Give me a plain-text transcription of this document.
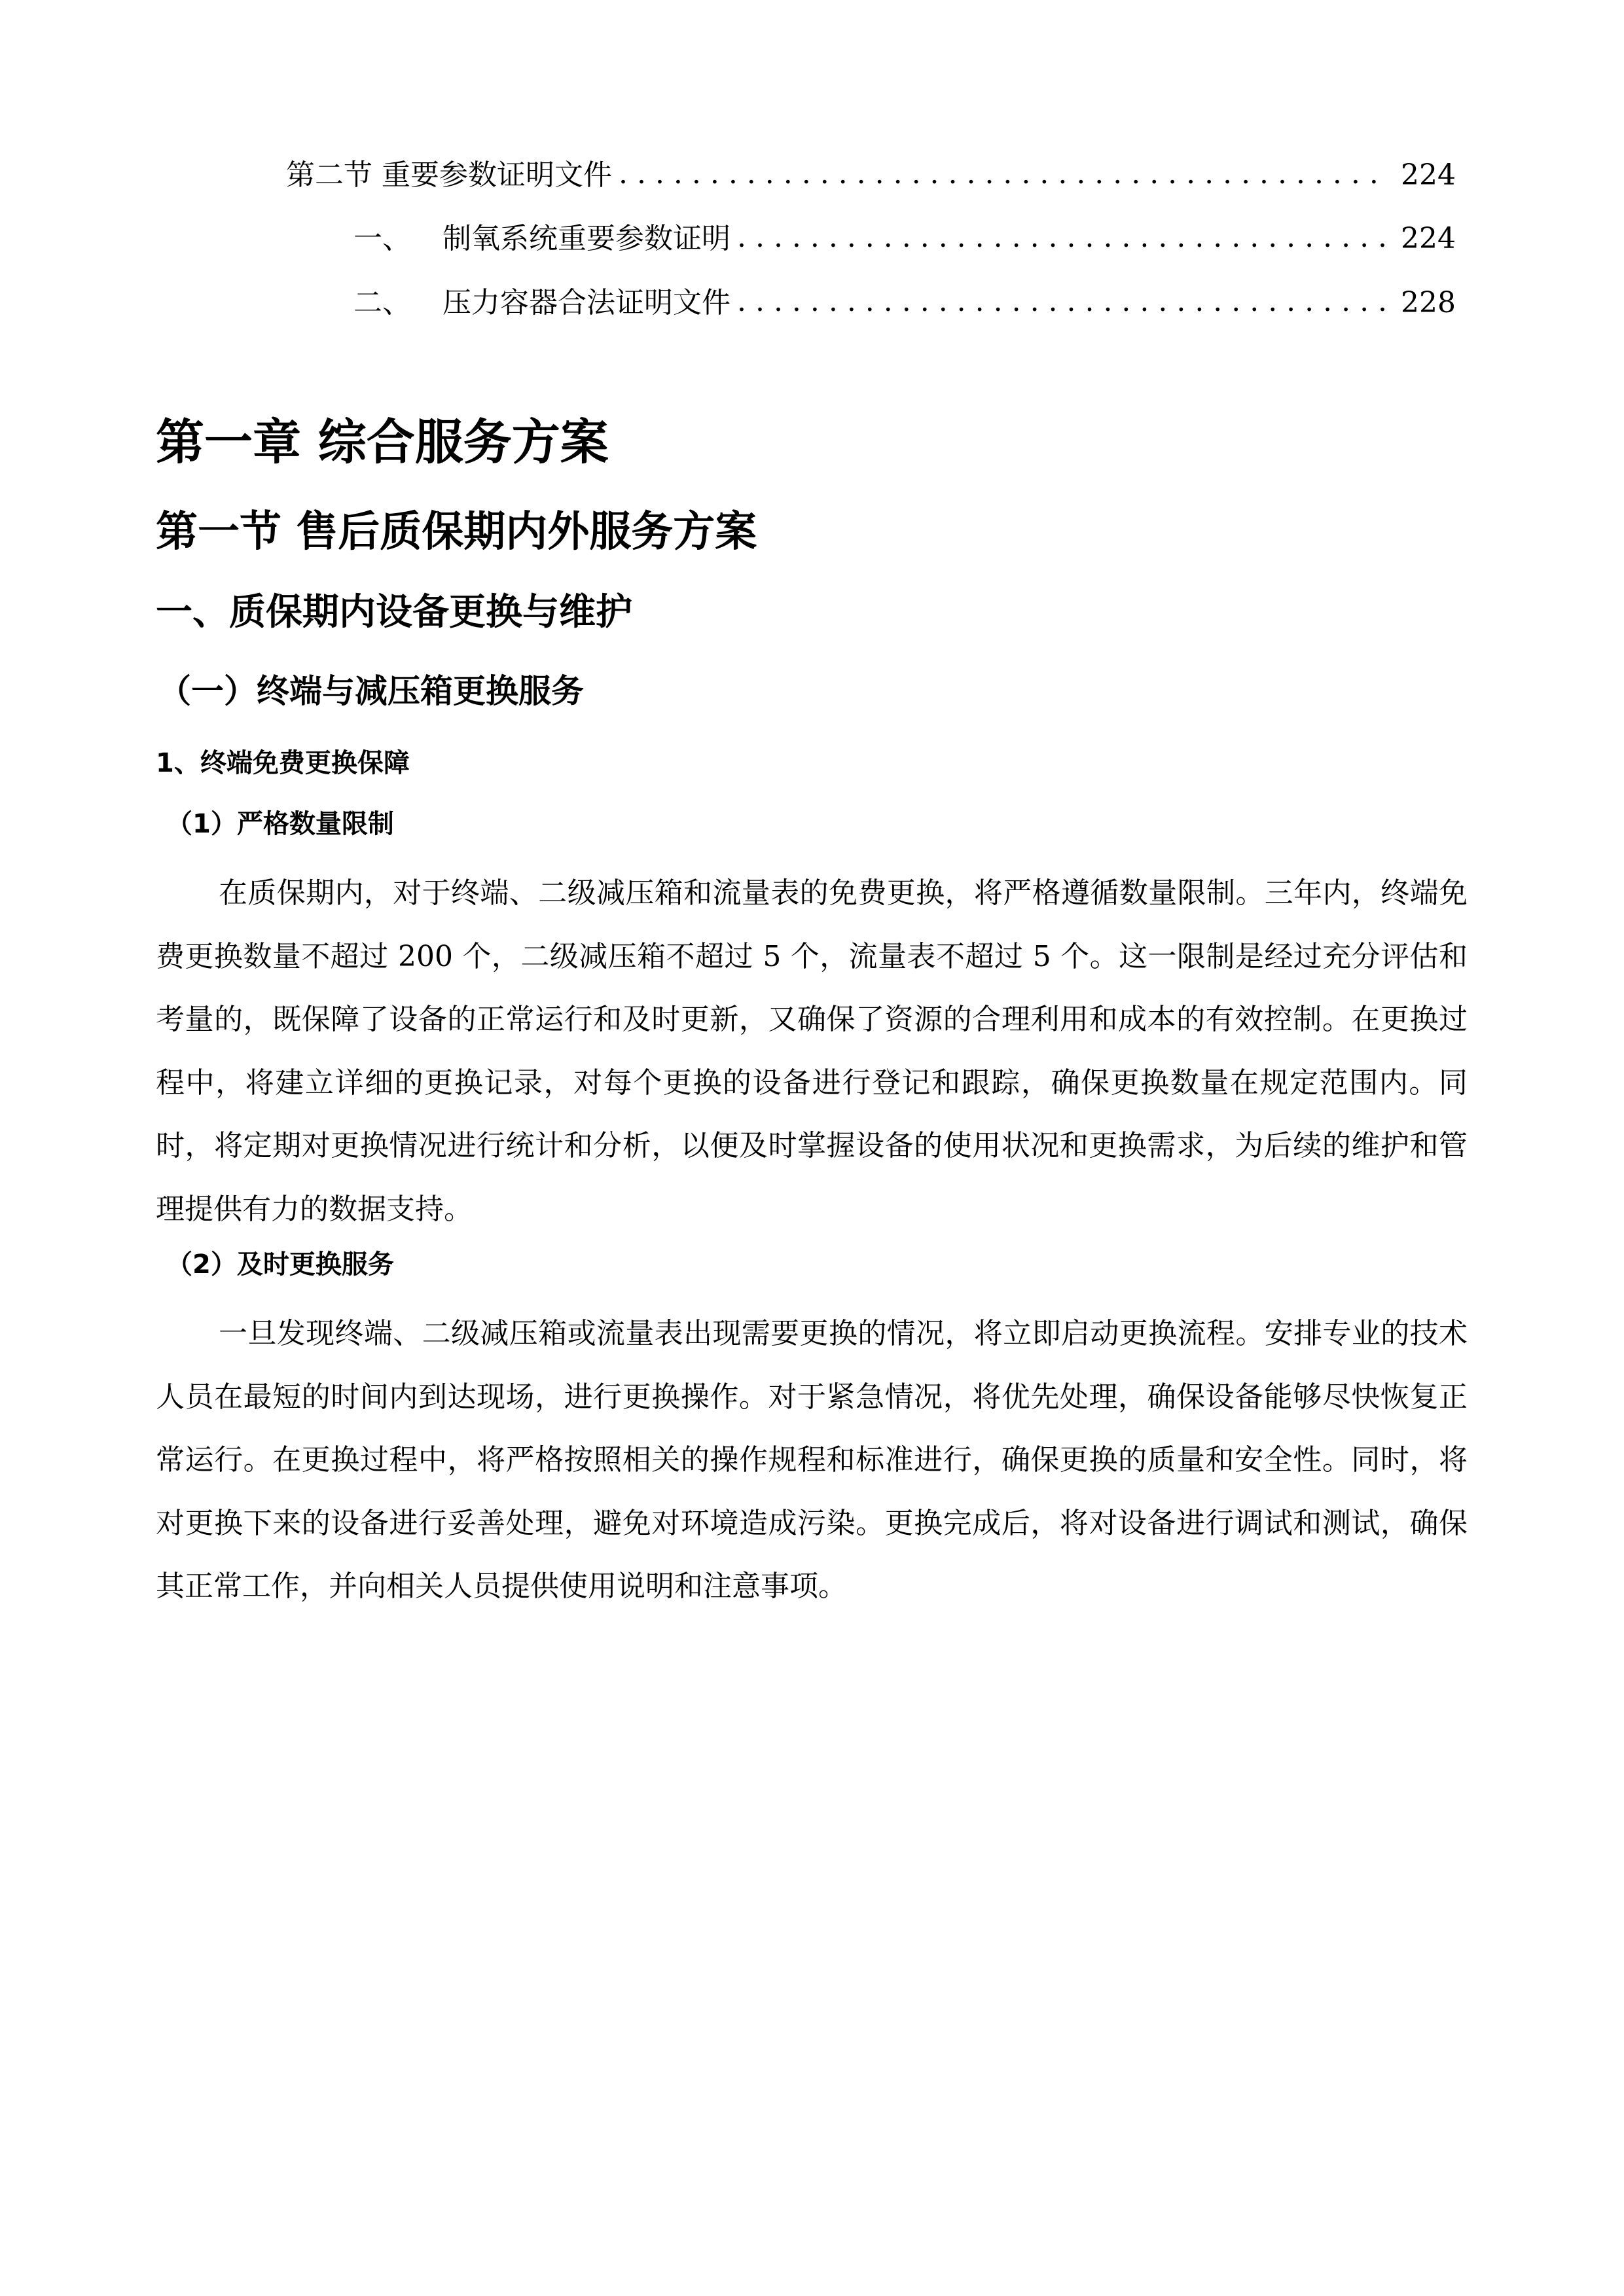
第二节 重要参数证明文件 . . .	224
一、 制氧系统重要参数证明 . . .	224
二、 压力容器合法证明文件 . . .	228
第一章 综合服务方案
第一节 售后质保期内外服务方案
一、质保期内设备更换与维护
（一）终端与减压箱更换服务
1、终端免费更换保障
（1）严格数量限制

在质保期内，对于终端、二级减压箱和流量表的免费更换，将严格遵循数量限制。三年内，终端免费更换数量不超过 200 个，二级减压箱不超过 5 个，流量表不超过 5 个。这一限制是经过充分评估和考量的，既保障了设备的正常运行和及时更新，又确保了资源的合理利用和成本的有效控制。在更换过程中，将建立详细的更换记录，对每个更换的设备进行登记和跟踪，确保更换数量在规定范围内。同时，将定期对更换情况进行统计和分析，以便及时掌握设备的使用状况和更换需求，为后续的维护和管理提供有力的数据支持。

（2）及时更换服务

一旦发现终端、二级减压箱或流量表出现需要更换的情况，将立即启动更换流程。安排专业的技术人员在最短的时间内到达现场，进行更换操作。对于紧急情况，将优先处理，确保设备能够尽快恢复正常运行。在更换过程中，将严格按照相关的操作规程和标准进行，确保更换的质量和安全性。同时，将对更换下来的设备进行妥善处理，避免对环境造成污染。更换完成后，将对设备进行调试和测试，确保其正常工作，并向相关人员提供使用说明和注意事项。
